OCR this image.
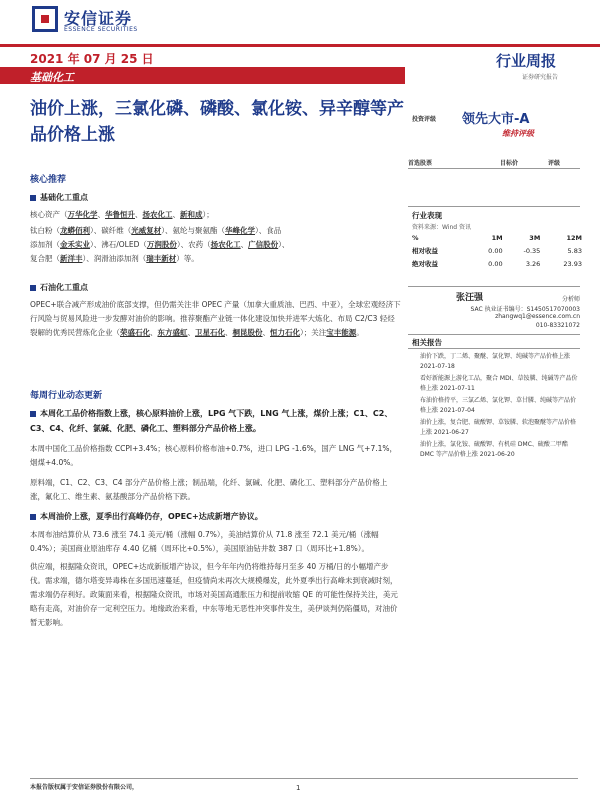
安信证券
ESSENCE SECURITIES
2021 年 07 月 25 日	行业周报
证券研究报告
基础化工
油价上涨，三氯化磷、磷酸、氯化铵、异辛醇等产品价格上涨
投资评级 领先大市-A
维持评级
首选股票	目标价	评级
核心推荐
基础化工重点
核心资产（万华化学、华鲁恒升、扬农化工、新和成）；
钛白粉（龙蟒佰利）、碳纤维（光威复材）、氨纶与聚氨酯（华峰化学）、食品
添加剂（金禾实业）、沸石/OLED（万润股份）、农药（扬农化工、广信股份）、
复合肥（新洋丰）、润滑油添加剂（瑞丰新材）等。
石油化工重点
OPEC+联合减产形成油价底部支撑，但仍需关注非 OPEC 产量（加拿大重质油、巴西、中亚），全球宏观经济下行风险与贸易风险进一步发酵对油价的影响。推荐聚酯产业链一体化建设加快并进军大炼化、布局 C2/C3 轻烃裂解的优秀民营炼化企业（荣盛石化、东方盛虹、卫星石化、桐昆股份、恒力石化）；关注宝丰能源。
每周行业动态更新
本周化工品价格指数上涨，核心原料油价上涨，LPG 气下跌，LNG 气上涨，煤价上涨；C1、C2、C3、C4、化纤、氯碱、化肥、磷化工、塑料部分产品价格上涨。
本周中国化工品价格指数 CCPI+3.4%；核心原料价格布油+0.7%，进口 LPG -1.6%，国产 LNG 气+7.1%，烟煤+4.0%。
原料端，C1、C2、C3、C4 部分产品价格上涨；制品端，化纤、氯碱、化肥、磷化工、塑料部分产品价格上涨，氟化工、维生素、氨基酸部分产品价格下跌。
本周油价上涨，夏季出行高峰仍存，OPEC+达成新增产协议。
本周布油结算价从 73.6 涨至 74.1 美元/桶（涨幅 0.7%），美油结算价从 71.8 涨至 72.1 美元/桶（涨幅 0.4%）；美国商业原油库存 4.40 亿桶（周环比+0.5%），美国原油钻井数 387 口（周环比+1.8%）。
供应端，根据隆众资讯，OPEC+达成新版增产协议，但今年年内仍将维持每月至多 40 万桶/日的小幅增产步伐。需求端，德尔塔变异毒株在多国迅速蔓延，但疫情尚未再次大规模爆发，此外夏季出行高峰未到衰减时刻，需求端仍存利好。政策面来看，根据隆众资讯，市场对美国高通胀压力和提前收缩 QE 的可能性保持关注，美元略有走高，对油价存一定利空压力。地缘政治来看，中东等地无恶性冲突事件发生，美伊谈判仍陷僵局，对油价暂无影响。
行业表现
资料来源：Wind 资讯
%	1M	3M	12M
相对收益	0.00	-0.35	5.83
绝对收益	0.00	3.26	23.93
张汪强	分析师
SAC 执业证书编号：S1450517070003
zhangwq1@essence.com.cn
010-83321072
相关报告
油价下跌，丁二烯、聚醚、氯化钾、纯碱等产品价格上涨 2021-07-18
看好新能源上游化工品，聚合 MDI、草铵膦、纯碱等产品价格上涨 2021-07-11
布油价格持平，三氯乙烯、氯化钾、草甘膦、纯碱等产品价格上涨 2021-07-04
油价上涨，复合肥、硫酸钾、草铵膦、软泡聚醚等产品价格上涨 2021-06-27
油价上涨，氯化铵、硫酸钾、有机硅 DMC、硫酸二甲酯 DMC 等产品价格上涨 2021-06-20
本报告版权属于安信证券股份有限公司，	1
